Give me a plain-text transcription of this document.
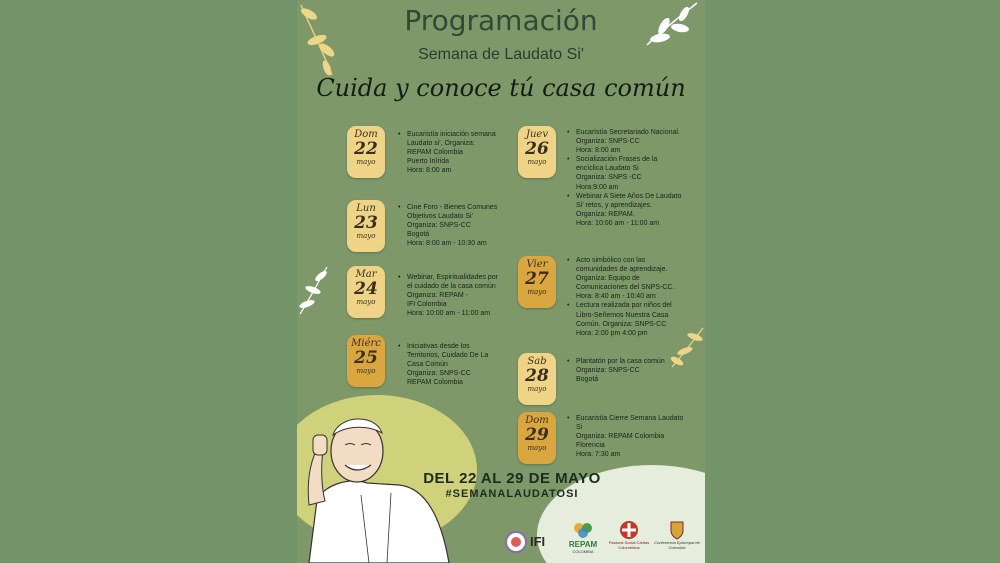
Programación
Semana de Laudato Si'
Cuida y conoce tú casa común
Dom
22
mayo
• Eucaristía iniciación semana Laudato si', Organiza:
REPAM Colombia
Puerto Inírida
Hora: 8:00 am
Lun
23
mayo
• Cine Foro - Bienes Comunes Objetivos Laudato Si'
Organiza: SNPS-CC
Bogotá
Hora: 8:00 am - 10:30 am
Mar
24
mayo
• Webinar, Espiritualidades por el cuidado de la casa común
Organiza: REPAM -
IFI Colombia
Hora: 10:00 am - 11:00 am
Miérc
25
mayo
• Iniciativas desde los Territorios, Cuidado De La Casa Común
Organiza: SNPS-CC
REPAM Colombia
Juev
26
mayo
• Eucaristía Secretariado Nacional.
Organiza: SNPS-CC
Hora: 8:00 am
• Socialización Frases de la encíclica Laudato Si
Organiza: SNPS -CC
Hora:9:00 am
• Webinar A Siete Años De Laudato Si' retos, y aprendizajes.
Organiza: REPAM.
Hora: 10:00 am - 11:00 am
Vier
27
mayo
• Acto simbólico con las comunidades de aprendizaje.
Organiza: Equipo de Comunicaciones del SNPS-CC.
Hora: 8:40 am - 10:40 am
• Lectura realizada por niños del Libro-Señemos Nuestra Casa Común. Organiza: SNPS-CC
Hora: 2:00 pm 4:00 pm
Sab
28
mayo
• Plantatón por la casa común
Organiza: SNPS-CC
Bogotá
Dom
29
mayo
• Eucaristía Cierre Semana Laudato Si
Organiza: REPAM Colombia
Florencia
Hora: 7:30 am
DEL 22 AL 29 DE MAYO
#SEMANALAUDATOSI
IFI	REPAM
COLOMBIA
Pastoral Social Cáritas Colombiana
Conferencia Episcopal de Colombia
